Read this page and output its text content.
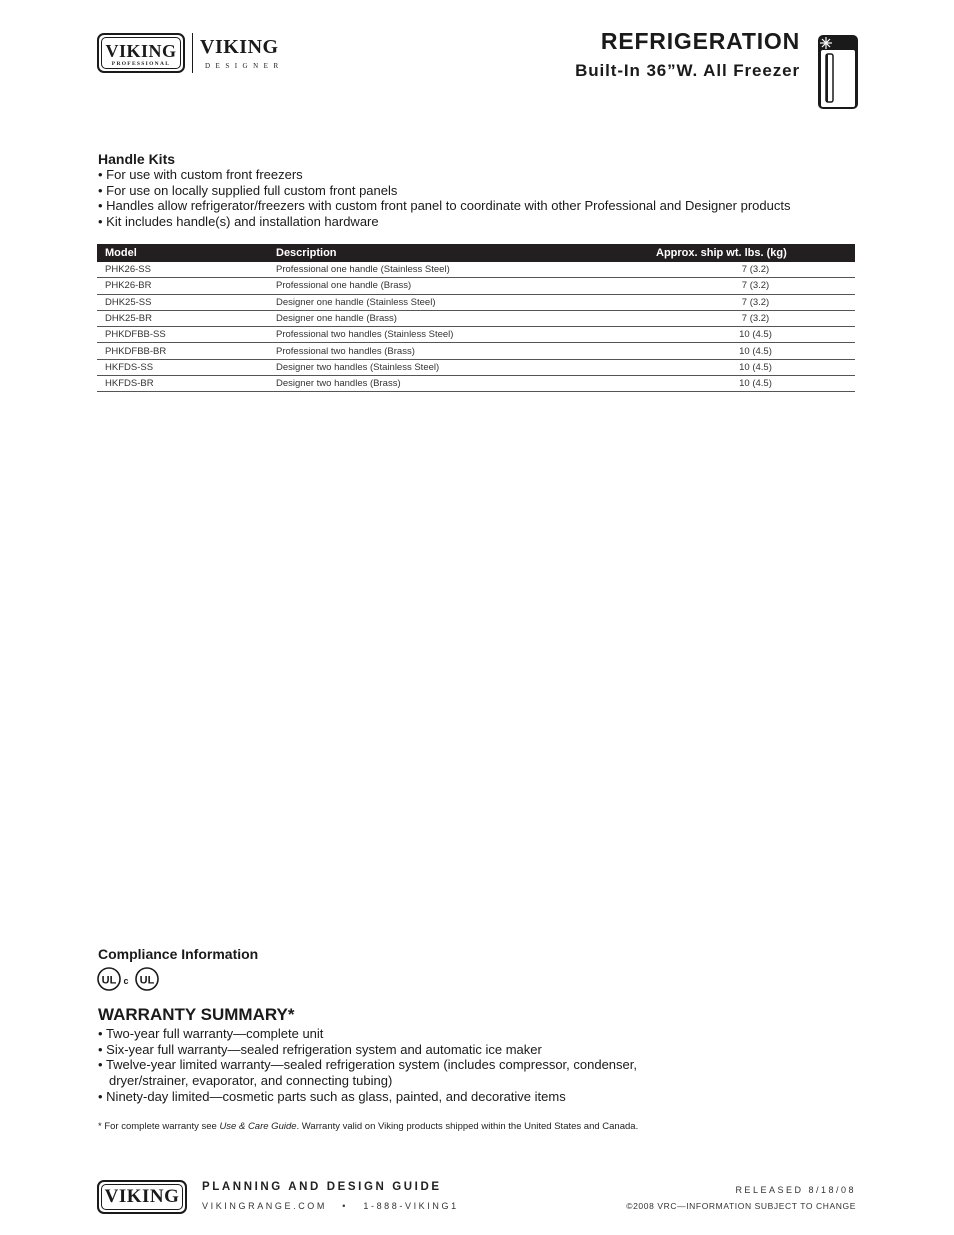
VIKING
PROFESSIONAL
VIKING
DESIGNER
REFRIGERATION
Built-In 36”W. All Freezer
Handle Kits
• For use with custom front freezers
• For use on locally supplied full custom front panels
• Handles allow refrigerator/freezers with custom front panel to coordinate with other Professional and Designer products
• Kit includes handle(s) and installation hardware
Model	Description	Approx. ship wt. lbs. (kg)
PHK26-SS	Professional one handle (Stainless Steel)	7 (3.2)
PHK26-BR	Professional one handle (Brass)	7 (3.2)
DHK25-SS	Designer one handle (Stainless Steel)	7 (3.2)
DHK25-BR	Designer one handle (Brass)	7 (3.2)
PHKDFBB-SS	Professional two handles (Stainless Steel)	10 (4.5)
PHKDFBB-BR	Professional two handles (Brass)	10 (4.5)
HKFDS-SS	Designer two handles (Stainless Steel)	10 (4.5)
HKFDS-BR	Designer two handles (Brass)	10 (4.5)
Compliance Information
UL c UL
WARRANTY SUMMARY*
• Two-year full warranty—complete unit
• Six-year full warranty—sealed refrigeration system and automatic ice maker
• Twelve-year limited warranty—sealed refrigeration system (includes compressor, condenser,
dryer/strainer, evaporator, and connecting tubing)
• Ninety-day limited—cosmetic parts such as glass, painted, and decorative items
* For complete warranty see Use & Care Guide. Warranty valid on Viking products shipped within the United States and Canada.
VIKING PLANNING AND DESIGN GUIDE
VIKINGRANGE.COM   •   1-888-VIKING1
RELEASED 8/18/08
©2008 VRC—INFORMATION SUBJECT TO CHANGE
